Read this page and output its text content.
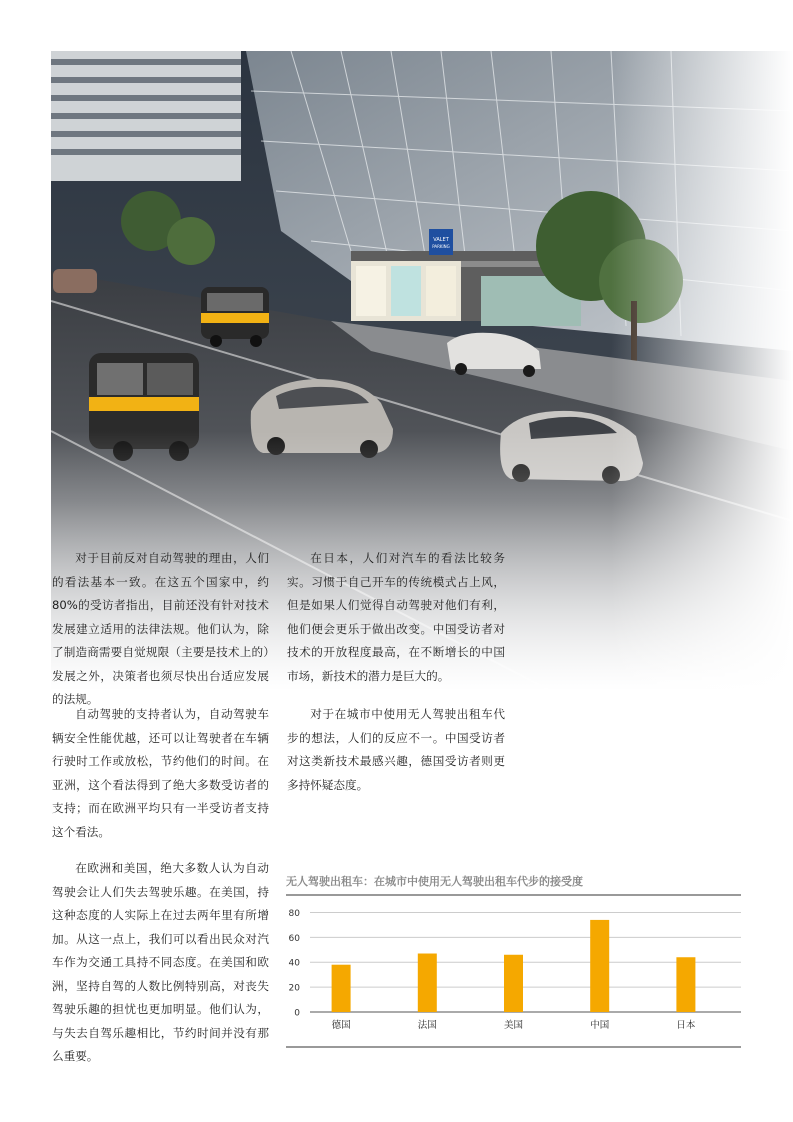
VALET
PARKING

对于目前反对自动驾驶的理由，人们的看法基本一致。在这五个国家中，约80%的受访者指出，目前还没有针对技术发展建立适用的法律法规。他们认为，除了制造商需要自觉规限（主要是技术上的）发展之外，决策者也须尽快出台适应发展的法规。

自动驾驶的支持者认为，自动驾驶车辆安全性能优越，还可以让驾驶者在车辆行驶时工作或放松，节约他们的时间。在亚洲，这个看法得到了绝大多数受访者的支持；而在欧洲平均只有一半受访者支持这个看法。

在欧洲和美国，绝大多数人认为自动驾驶会让人们失去驾驶乐趣。在美国，持这种态度的人实际上在过去两年里有所增加。从这一点上，我们可以看出民众对汽车作为交通工具持不同态度。在美国和欧洲，坚持自驾的人数比例特别高，对丧失驾驶乐趣的担忧也更加明显。他们认为，与失去自驾乐趣相比，节约时间并没有那么重要。

在日本，人们对汽车的看法比较务实。习惯于自己开车的传统模式占上风，但是如果人们觉得自动驾驶对他们有利，他们便会更乐于做出改变。中国受访者对技术的开放程度最高，在不断增长的中国市场，新技术的潜力是巨大的。

对于在城市中使用无人驾驶出租车代步的想法，人们的反应不一。中国受访者对这类新技术最感兴趣，德国受访者则更多持怀疑态度。

无人驾驶出租车：在城市中使用无人驾驶出租车代步的接受度
0
20
40
60
80
德国	法国	美国	中国	日本
